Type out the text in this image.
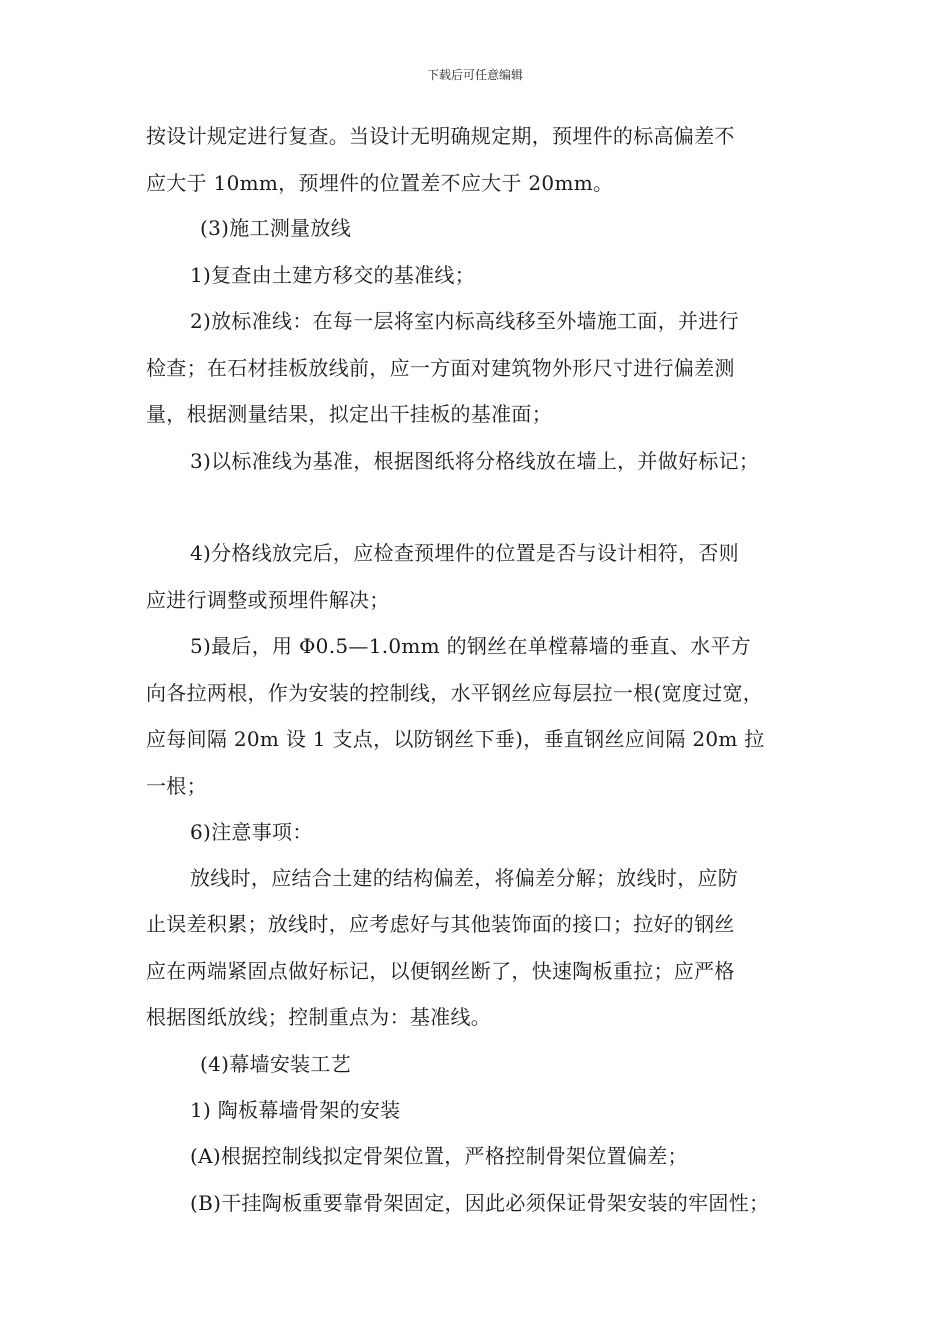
下载后可任意编辑
按设计规定进行复查。当设计无明确规定期，预埋件的标高偏差不
应大于 10mm，预埋件的位置差不应大于 20mm。
(3)施工测量放线
1)复查由土建方移交的基准线；
2)放标准线：在每一层将室内标高线移至外墙施工面，并进行
检查；在石材挂板放线前，应一方面对建筑物外形尺寸进行偏差测
量，根据测量结果，拟定出干挂板的基准面；
3)以标准线为基准，根据图纸将分格线放在墙上，并做好标记；
4)分格线放完后，应检查预埋件的位置是否与设计相符，否则
应进行调整或预埋件解决；
5)最后，用 Φ0.5—1.0mm 的钢丝在单樘幕墙的垂直、水平方
向各拉两根，作为安装的控制线，水平钢丝应每层拉一根(宽度过宽，
应每间隔 20m 设 1 支点，以防钢丝下垂)，垂直钢丝应间隔 20m 拉
一根；
6)注意事项：
放线时，应结合土建的结构偏差，将偏差分解；放线时，应防
止误差积累；放线时，应考虑好与其他装饰面的接口；拉好的钢丝
应在两端紧固点做好标记，以便钢丝断了，快速陶板重拉；应严格
根据图纸放线；控制重点为：基准线。
(4)幕墙安装工艺
1) 陶板幕墙骨架的安装
(A)根据控制线拟定骨架位置，严格控制骨架位置偏差；
(B)干挂陶板重要靠骨架固定，因此必须保证骨架安装的牢固性；
